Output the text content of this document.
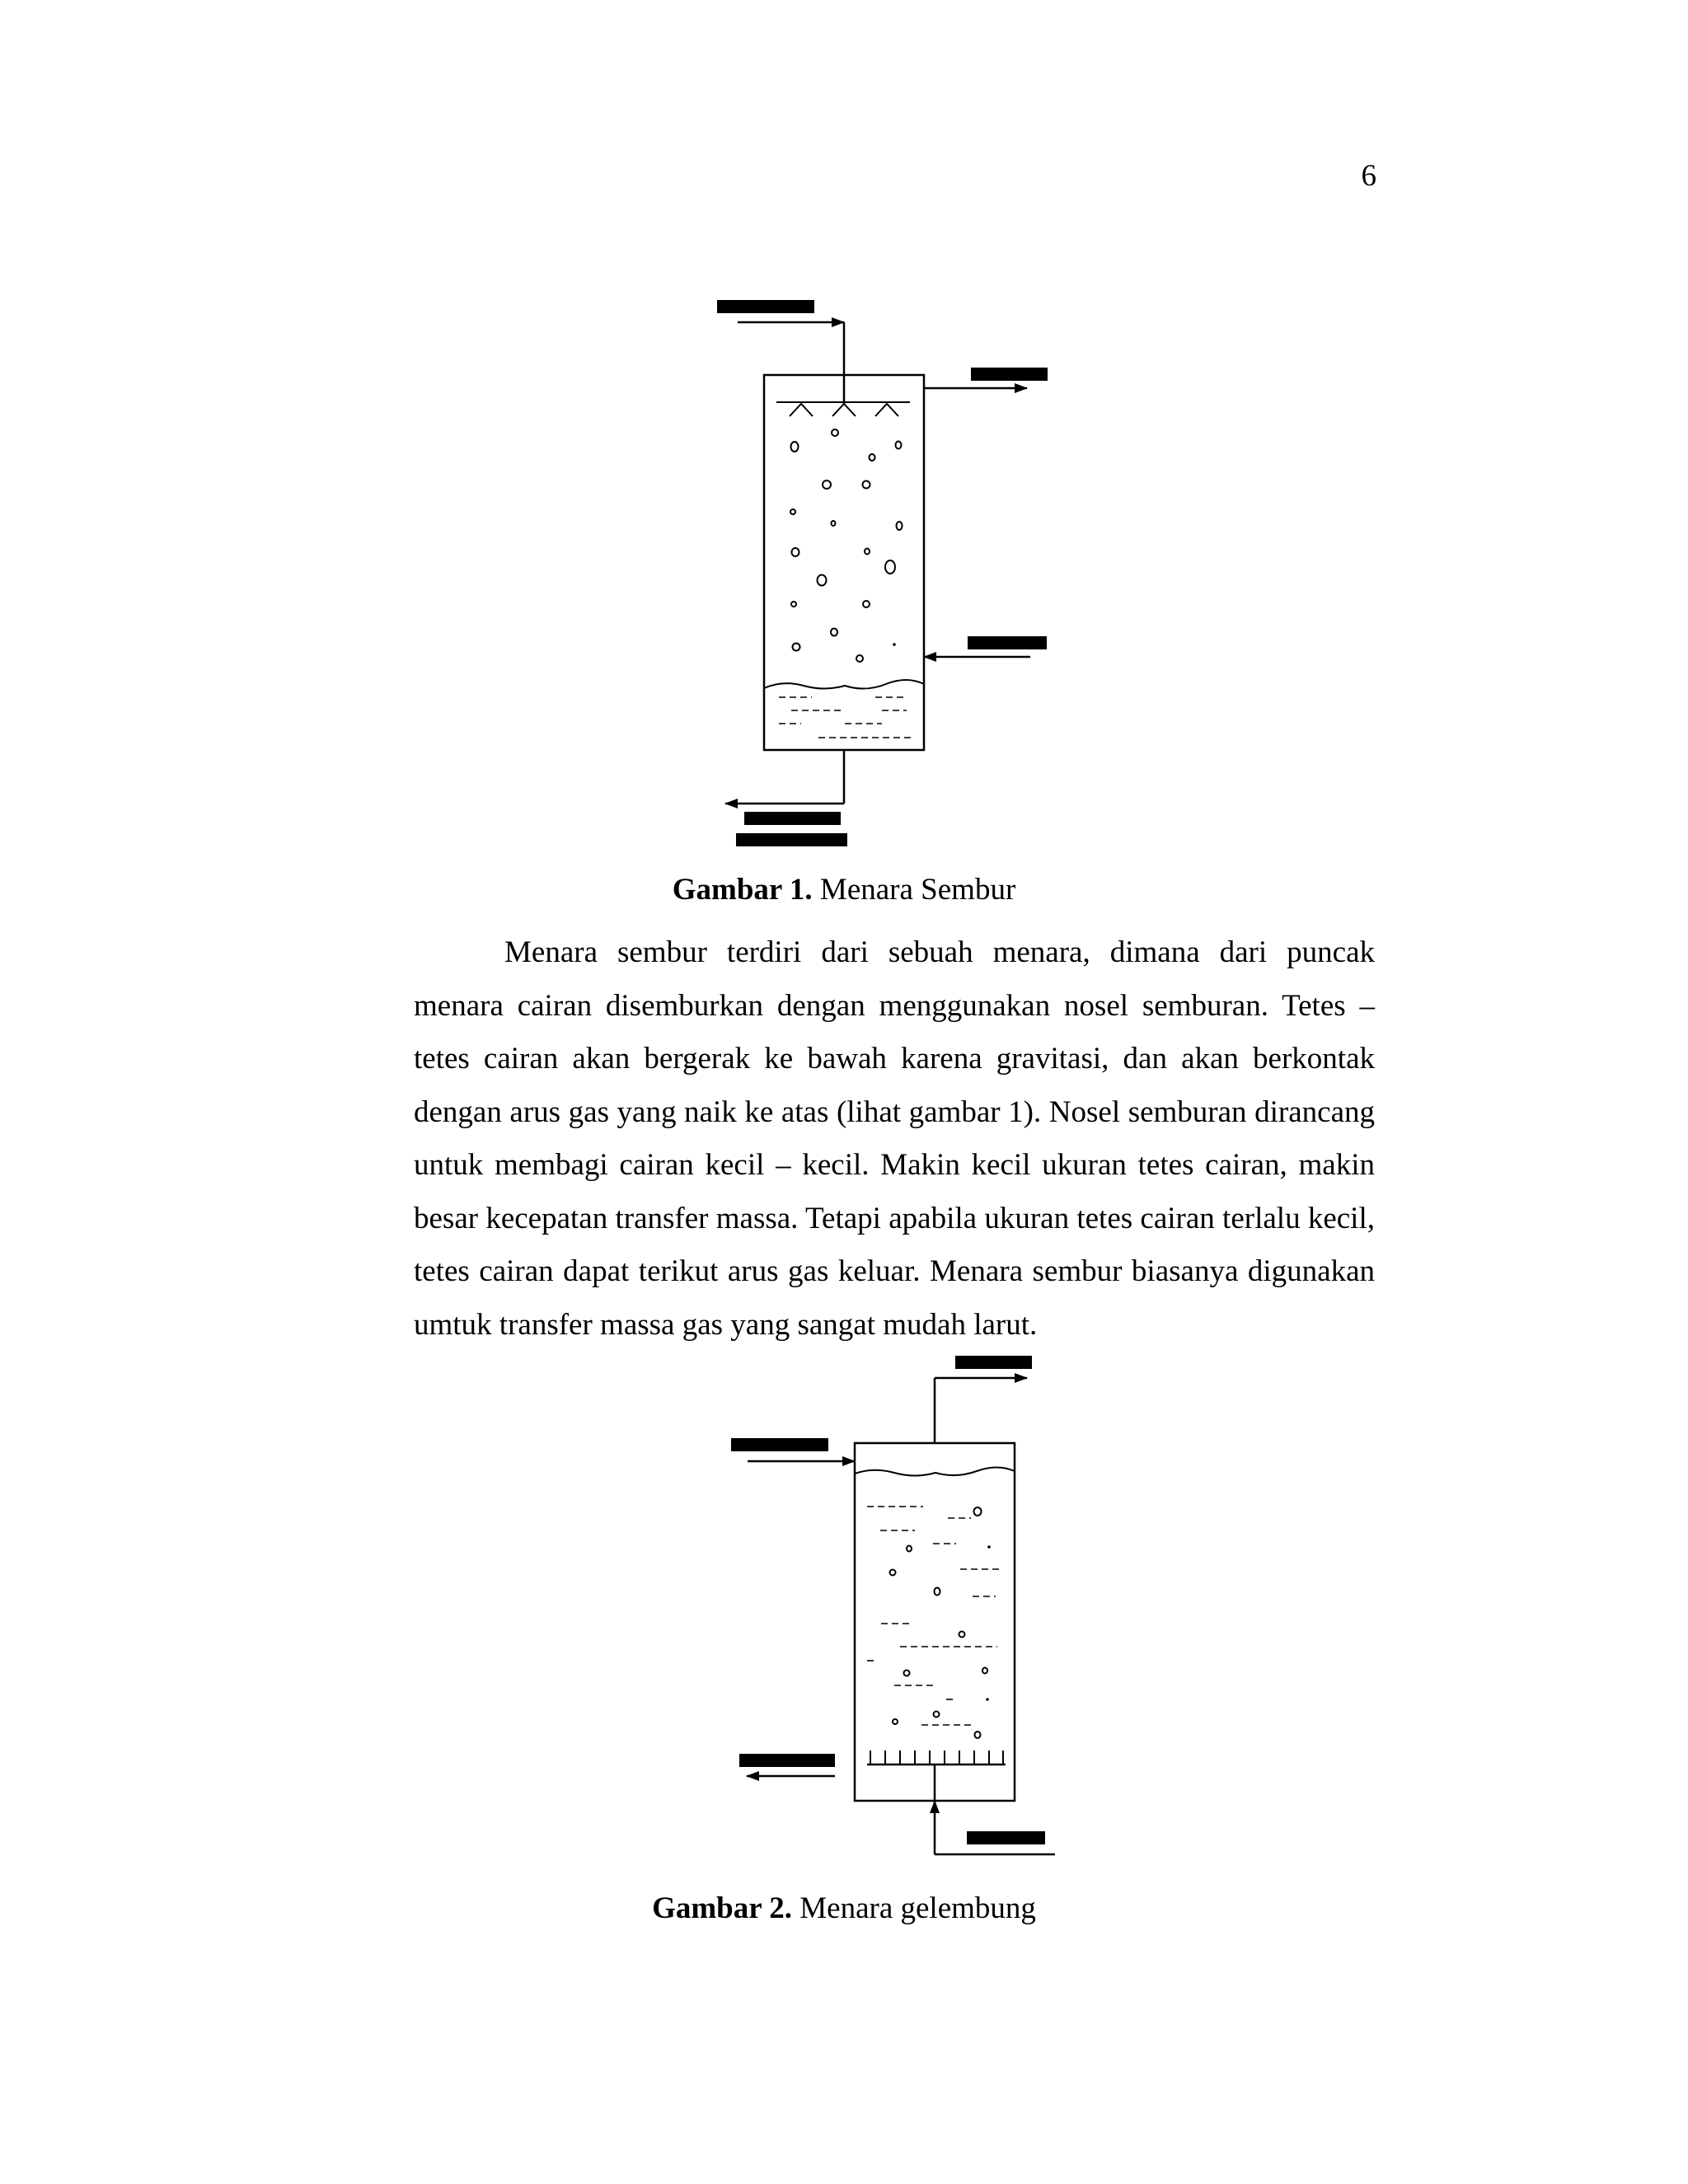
6
Gambar 1. Menara Sembur

Menara sembur terdiri dari sebuah menara, dimana dari puncak menara cairan disemburkan dengan menggunakan nosel semburan. Tetes – tetes cairan akan bergerak ke bawah karena gravitasi, dan akan berkontak dengan arus gas yang naik ke atas (lihat gambar 1). Nosel semburan dirancang untuk membagi cairan kecil – kecil. Makin kecil ukuran tetes cairan, makin besar kecepatan transfer massa. Tetapi apabila ukuran tetes cairan terlalu kecil, tetes cairan dapat terikut arus gas keluar. Menara sembur biasanya digunakan umtuk transfer massa gas yang sangat mudah larut.

Gambar 2. Menara gelembung
